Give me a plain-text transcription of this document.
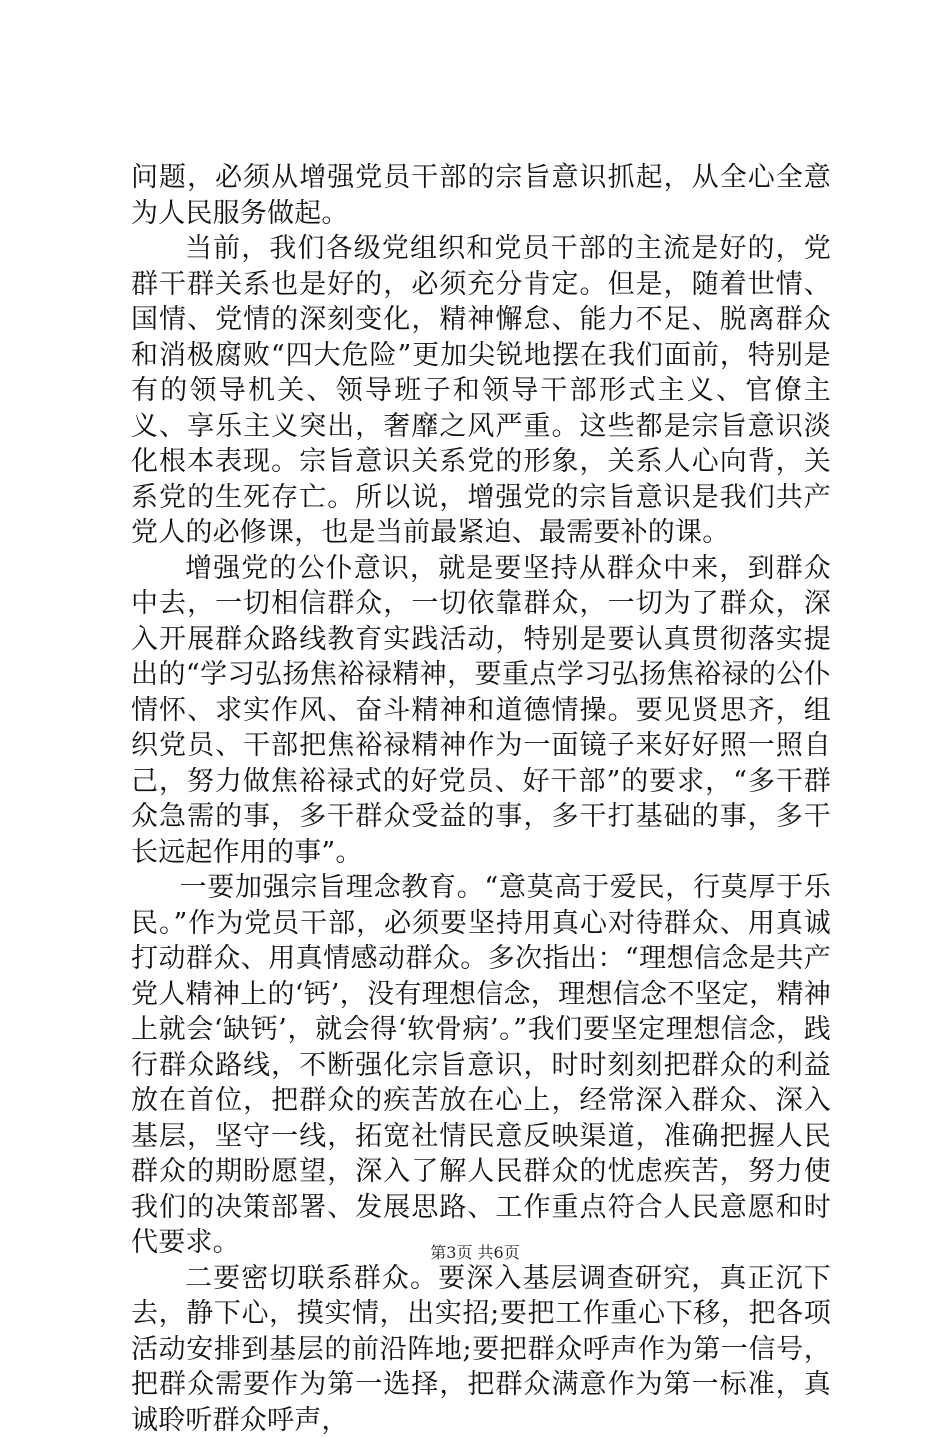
问题，必须从增强党员干部的宗旨意识抓起，从全心全意为人民服务做起。

当前，我们各级党组织和党员干部的主流是好的，党群干群关系也是好的，必须充分肯定。但是，随着世情、国情、党情的深刻变化，精神懈怠、能力不足、脱离群众和消极腐败“四大危险”更加尖锐地摆在我们面前，特别是有的领导机关、领导班子和领导干部形式主义、官僚主义、享乐主义突出，奢靡之风严重。这些都是宗旨意识淡化根本表现。宗旨意识关系党的形象，关系人心向背，关系党的生死存亡。所以说，增强党的宗旨意识是我们共产党人的必修课，也是当前最紧迫、最需要补的课。

增强党的公仆意识，就是要坚持从群众中来，到群众中去，一切相信群众，一切依靠群众，一切为了群众，深入开展群众路线教育实践活动，特别是要认真贯彻落实提出的“学习弘扬焦裕禄精神，要重点学习弘扬焦裕禄的公仆情怀、求实作风、奋斗精神和道德情操。要见贤思齐，组织党员、干部把焦裕禄精神作为一面镜子来好好照一照自己，努力做焦裕禄式的好党员、好干部”的要求，“多干群众急需的事，多干群众受益的事，多干打基础的事，多干长远起作用的事”。

一要加强宗旨理念教育。“意莫高于爱民，行莫厚于乐民。”作为党员干部，必须要坚持用真心对待群众、用真诚打动群众、用真情感动群众。多次指出：“理想信念是共产党人精神上的‘钙’，没有理想信念，理想信念不坚定，精神上就会‘缺钙’，就会得‘软骨病’。”我们要坚定理想信念，践行群众路线，不断强化宗旨意识，时时刻刻把群众的利益放在首位，把群众的疾苦放在心上，经常深入群众、深入基层，坚守一线，拓宽社情民意反映渠道，准确把握人民群众的期盼愿望，深入了解人民群众的忧虑疾苦，努力使我们的决策部署、发展思路、工作重点符合人民意愿和时代要求。

二要密切联系群众。要深入基层调查研究，真正沉下去，静下心，摸实情，出实招;要把工作重心下移，把各项活动安排到基层的前沿阵地;要把群众呼声作为第一信号，把群众需要作为第一选择，把群众满意作为第一标准，真诚聆听群众呼声，

第3页 共6页
